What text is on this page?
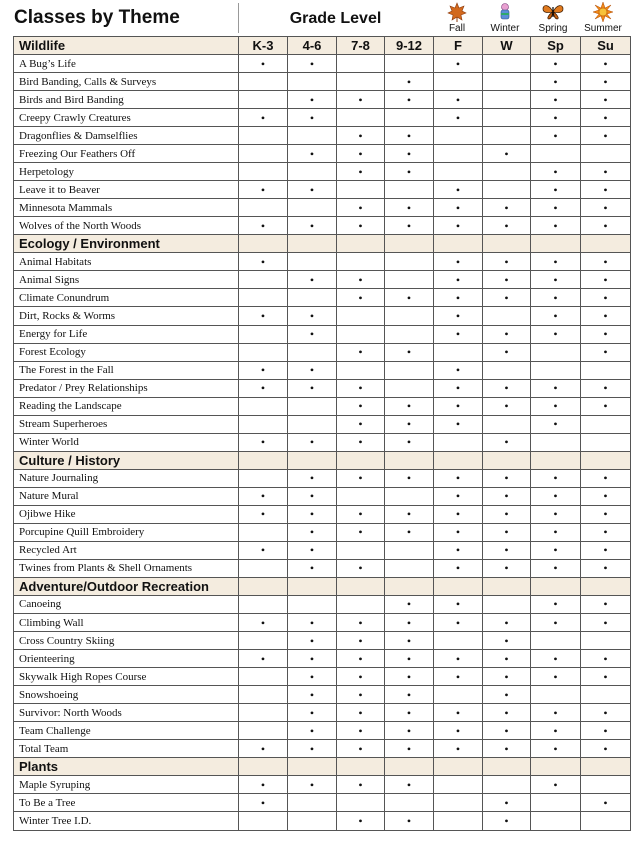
Classes by Theme	Grade Level
Fall	Winter	Spring	Summer
Wildlife	K-3	4-6	7-8	9-12	F	W	Sp	Su
A Bug’s Life	•	•			•		•	•
Bird Banding, Calls & Surveys				•			•	•
Birds and Bird Banding		•	•	•	•		•	•
Creepy Crawly Creatures	•	•			•		•	•
Dragonflies & Damselflies			•	•			•	•
Freezing Our Feathers Off		•	•	•		•		
Herpetology			•	•			•	•
Leave it to Beaver	•	•			•		•	•
Minnesota Mammals			•	•	•	•	•	•
Wolves of the North Woods	•	•	•	•	•	•	•	•
Ecology / Environment								
Animal Habitats	•				•	•	•	•
Animal Signs		•	•		•	•	•	•
Climate Conundrum			•	•	•	•	•	•
Dirt, Rocks & Worms	•	•			•		•	•
Energy for Life		•			•	•	•	•
Forest Ecology			•	•		•		•
The Forest in the Fall	•	•			•			
Predator / Prey Relationships	•	•	•		•	•	•	•
Reading the Landscape			•	•	•	•	•	•
Stream Superheroes			•	•	•		•	
Winter World	•	•	•	•		•		
Culture / History								
Nature Journaling		•	•	•	•	•	•	•
Nature Mural	•	•			•	•	•	•
Ojibwe Hike	•	•	•	•	•	•	•	•
Porcupine Quill Embroidery		•	•	•	•	•	•	•
Recycled Art	•	•			•	•	•	•
Twines from Plants & Shell Ornaments		•	•		•	•	•	•
Adventure/Outdoor Recreation								
Canoeing				•	•		•	•
Climbing Wall	•	•	•	•	•	•	•	•
Cross Country Skiing		•	•	•		•		
Orienteering	•	•	•	•	•	•	•	•
Skywalk High Ropes Course		•	•	•	•	•	•	•
Snowshoeing		•	•	•		•		
Survivor: North Woods		•	•	•	•	•	•	•
Team Challenge		•	•	•	•	•	•	•
Total Team	•	•	•	•	•	•	•	•
Plants								
Maple Syruping	•	•	•	•			•	
To Be a Tree	•					•		•
Winter Tree I.D.			•	•		•		
